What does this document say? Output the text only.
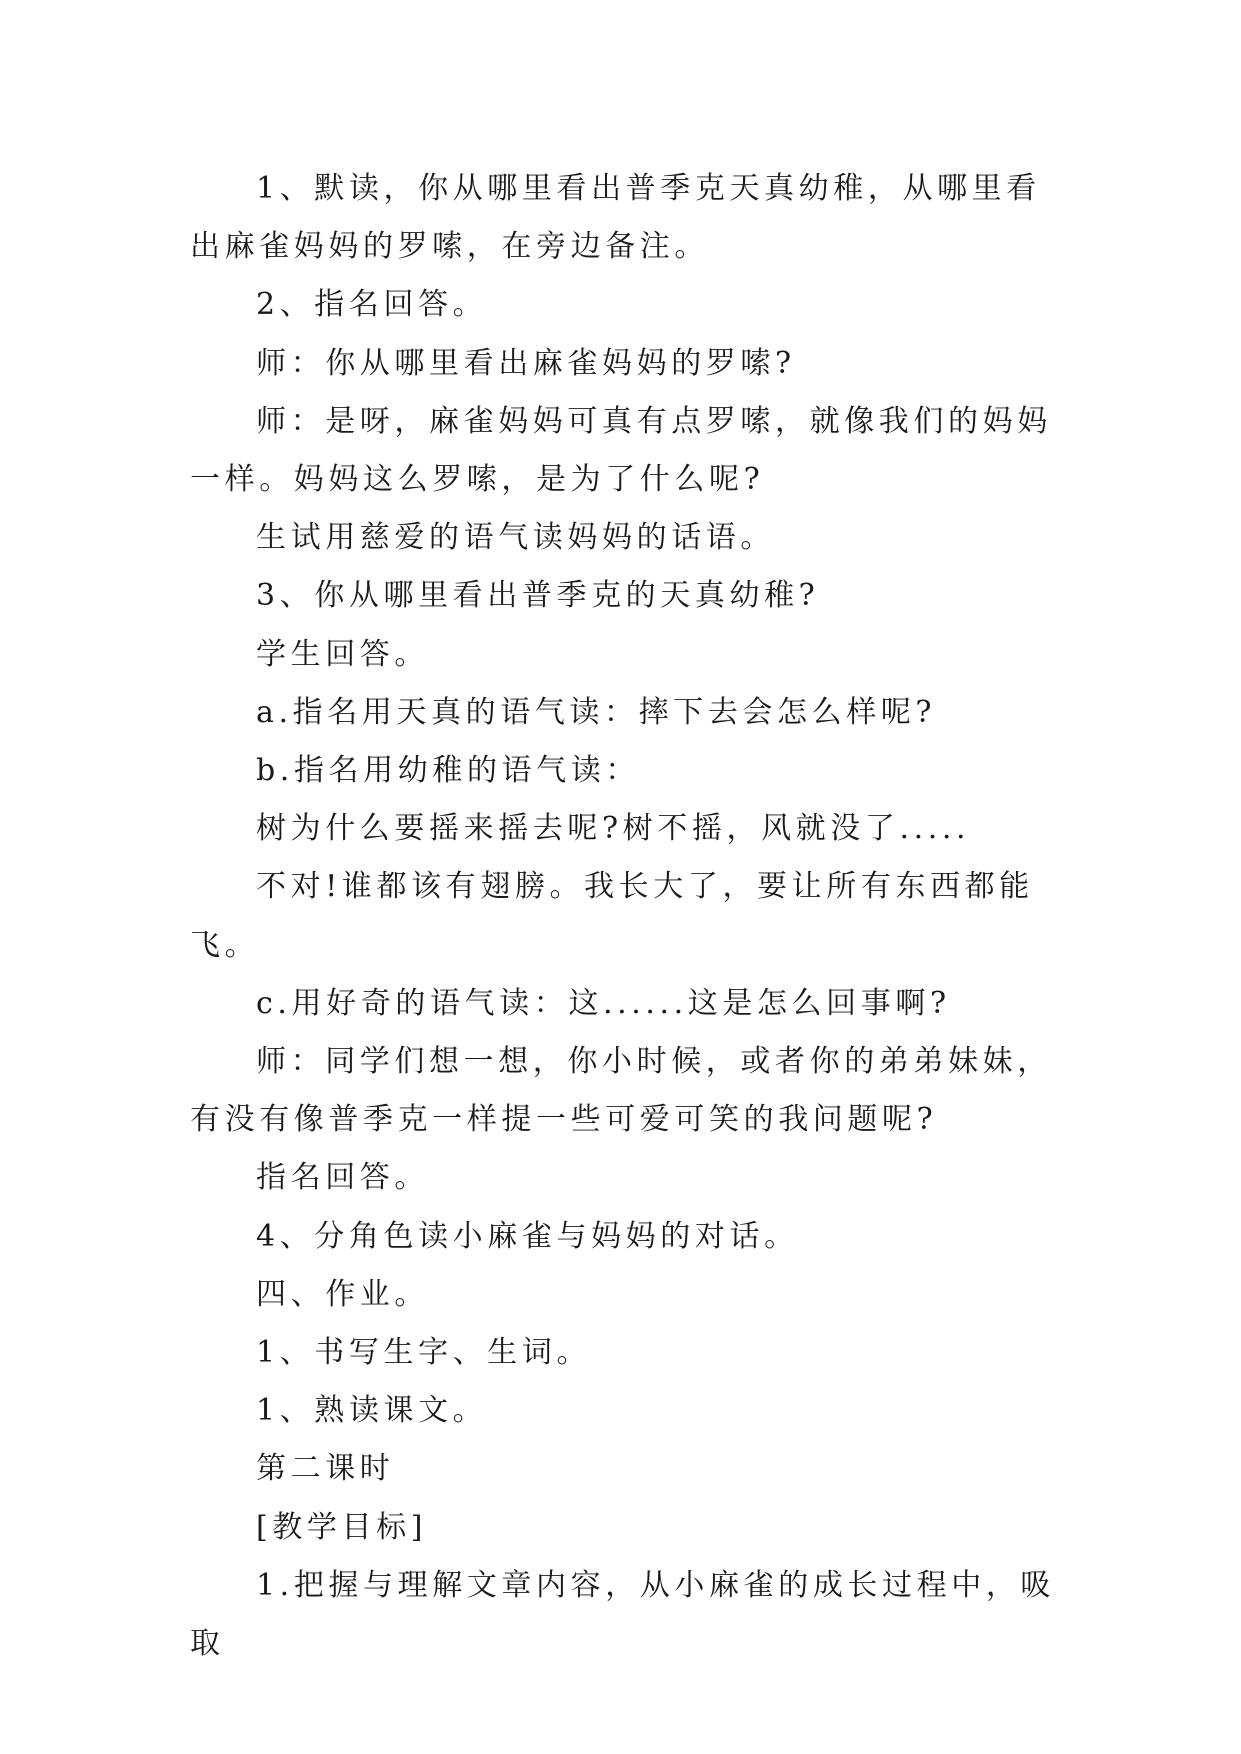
1、默读，你从哪里看出普季克天真幼稚，从哪里看出麻雀妈妈的罗嗦，在旁边备注。

2、指名回答。

师：你从哪里看出麻雀妈妈的罗嗦?

师：是呀，麻雀妈妈可真有点罗嗦，就像我们的妈妈一样。妈妈这么罗嗦，是为了什么呢?

生试用慈爱的语气读妈妈的话语。

3、你从哪里看出普季克的天真幼稚?

学生回答。

a.指名用天真的语气读：摔下去会怎么样呢?

b.指名用幼稚的语气读：

树为什么要摇来摇去呢?树不摇，风就没了.....

不对!谁都该有翅膀。我长大了，要让所有东西都能飞。

c.用好奇的语气读：这......这是怎么回事啊?

师：同学们想一想，你小时候，或者你的弟弟妹妹，有没有像普季克一样提一些可爱可笑的我问题呢?

指名回答。

4、分角色读小麻雀与妈妈的对话。

四、作业。

1、书写生字、生词。

1、熟读课文。

第二课时

[教学目标]

1.把握与理解文章内容，从小麻雀的成长过程中，吸取
